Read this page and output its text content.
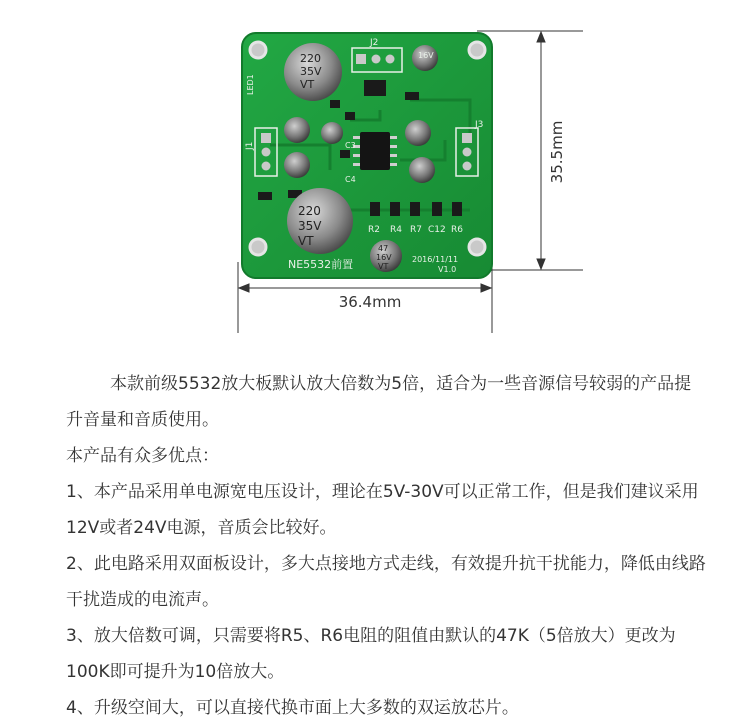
36.4mm
35.5mm
J1
J2
J3
LED1
16V
220
35V
VT
220
35V
VT
47
16V
VT
R2 R4 R7 C12 R6
C3
C4
NE5532前置	2016/11/11
V1.0

本款前级5532放大板默认放大倍数为5倍，适合为一些音源信号较弱的产品提升音量和音质使用。

本产品有众多优点：

1、本产品采用单电源宽电压设计，理论在5V-30V可以正常工作，但是我们建议采用12V或者24V电源，音质会比较好。

2、此电路采用双面板设计，多大点接地方式走线，有效提升抗干扰能力，降低由线路干扰造成的电流声。

3、放大倍数可调，只需要将R5、R6电阻的阻值由默认的47K（5倍放大）更改为100K即可提升为10倍放大。

4、升级空间大，可以直接代换市面上大多数的双运放芯片。
